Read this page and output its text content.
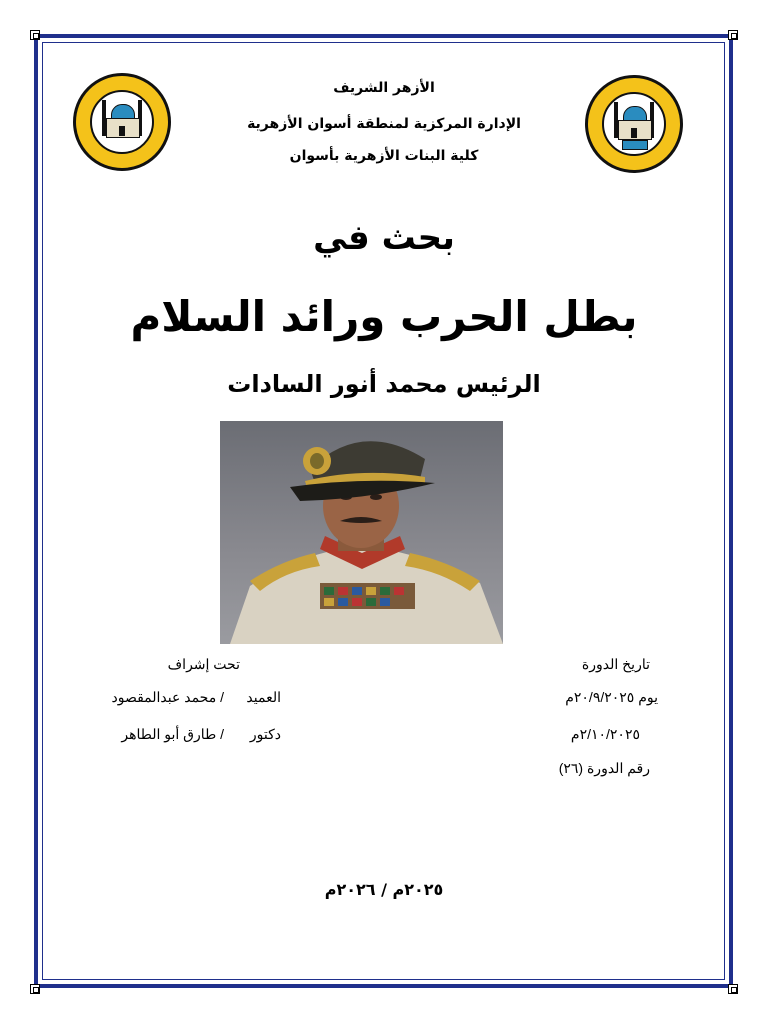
الأزهر الشريف
الإدارة المركزية لمنطقة أسوان الأزهرية
كلية البنات الأزهرية بأسوان
بحث في
بطل الحرب ورائد السلام
الرئيس محمد أنور السادات
تاريخ الدورة
يوم ٢٠/٩/٢٠٢٥م
٢/١٠/٢٠٢٥م
رقم الدورة (٢٦)
تحت إشراف
العميد
/ محمد عبدالمقصود
دكتور
/ طارق أبو الطاهر
٢٠٢٥م / ٢٠٢٦م
